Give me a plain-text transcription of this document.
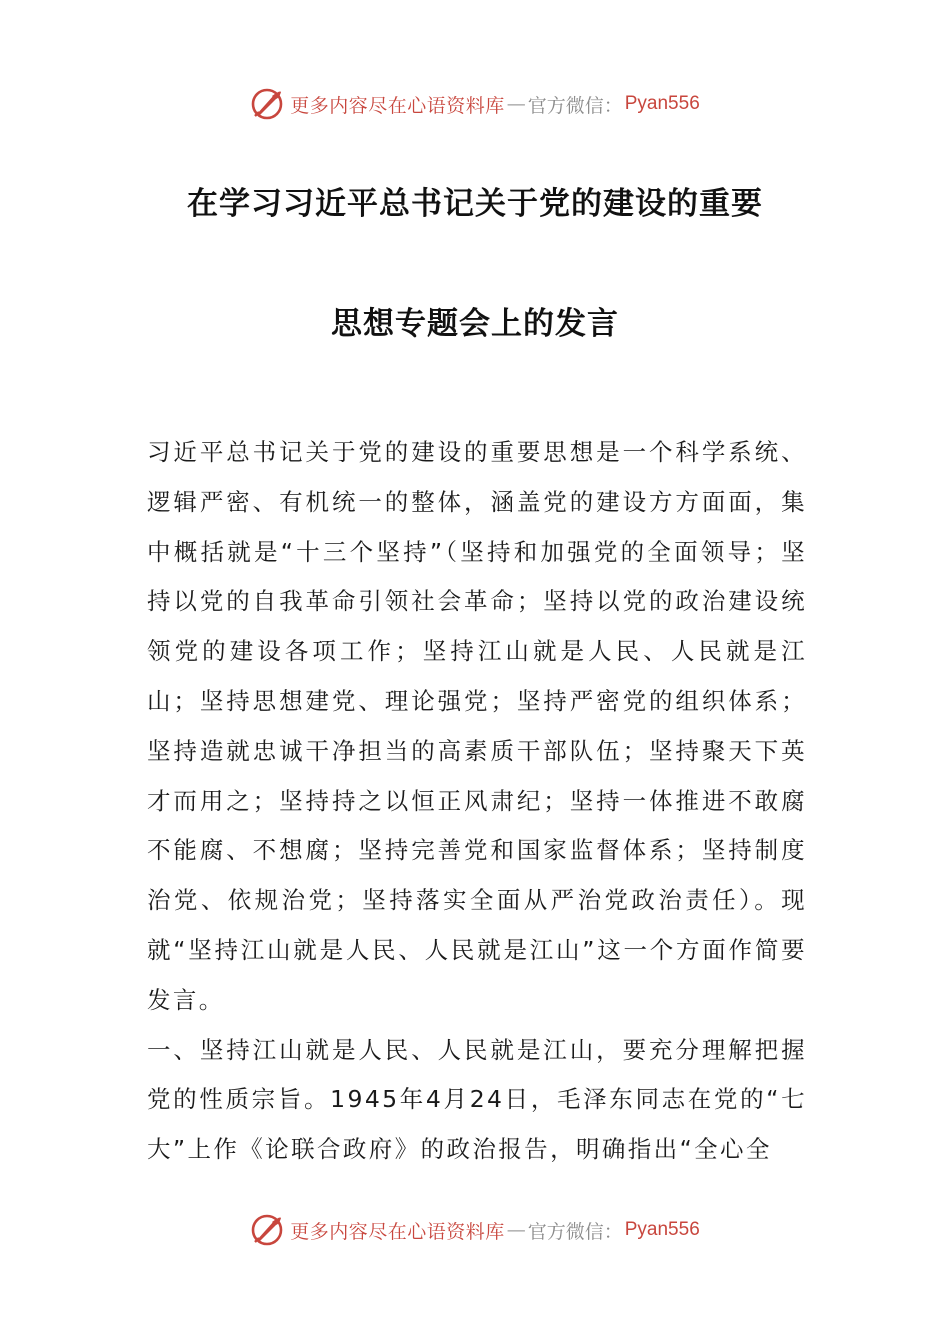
更多内容尽在心语资料库 — 官方微信： Pyan556
在学习习近平总书记关于党的建设的重要
思想专题会上的发言

习近平总书记关于党的建设的重要思想是一个科学系统、逻辑严密、有机统一的整体，涵盖党的建设方方面面，集中概括就是“十三个坚持”（坚持和加强党的全面领导；坚持以党的自我革命引领社会革命；坚持以党的政治建设统领党的建设各项工作；坚持江山就是人民、人民就是江山；坚持思想建党、理论强党；坚持严密党的组织体系；坚持造就忠诚干净担当的高素质干部队伍；坚持聚天下英才而用之；坚持持之以恒正风肃纪；坚持一体推进不敢腐不能腐、不想腐；坚持完善党和国家监督体系；坚持制度治党、依规治党；坚持落实全面从严治党政治责任）。现就“坚持江山就是人民、人民就是江山”这一个方面作简要发言。

一、坚持江山就是人民、人民就是江山，要充分理解把握党的性质宗旨。1945年4月24日，毛泽东同志在党的“七大”上作《论联合政府》的政治报告，明确指出“全心全

更多内容尽在心语资料库 — 官方微信： Pyan556
